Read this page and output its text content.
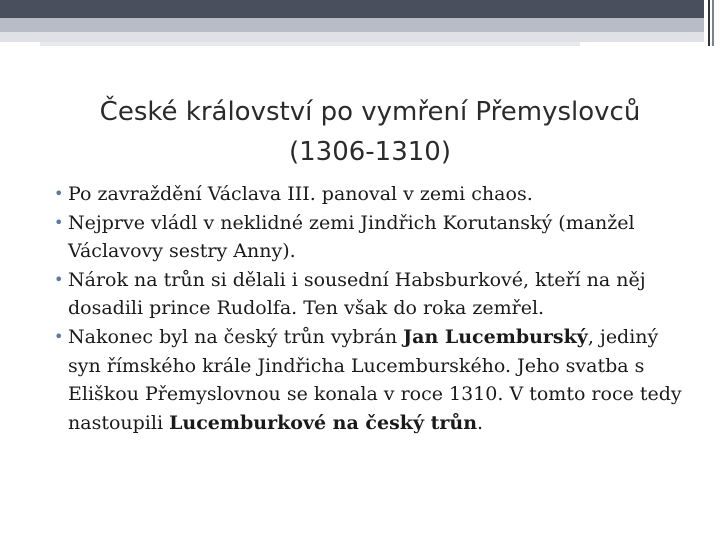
České království po vymření Přemyslovců
(1306-1310)
• Po zavraždění Václava III. panoval v zemi chaos.
• Nejprve vládl v neklidné zemi Jindřich Korutanský (manžel Václavovy sestry Anny).
• Nárok na trůn si dělali i sousední Habsburkové, kteří na něj dosadili prince Rudolfa. Ten však do roka zemřel.
• Nakonec byl na český trůn vybrán Jan Lucemburský, jediný syn římského krále Jindřicha Lucemburského. Jeho svatba s Eliškou Přemyslovnou se konala v roce 1310. V tomto roce tedy nastoupili Lucemburkové na český trůn.
